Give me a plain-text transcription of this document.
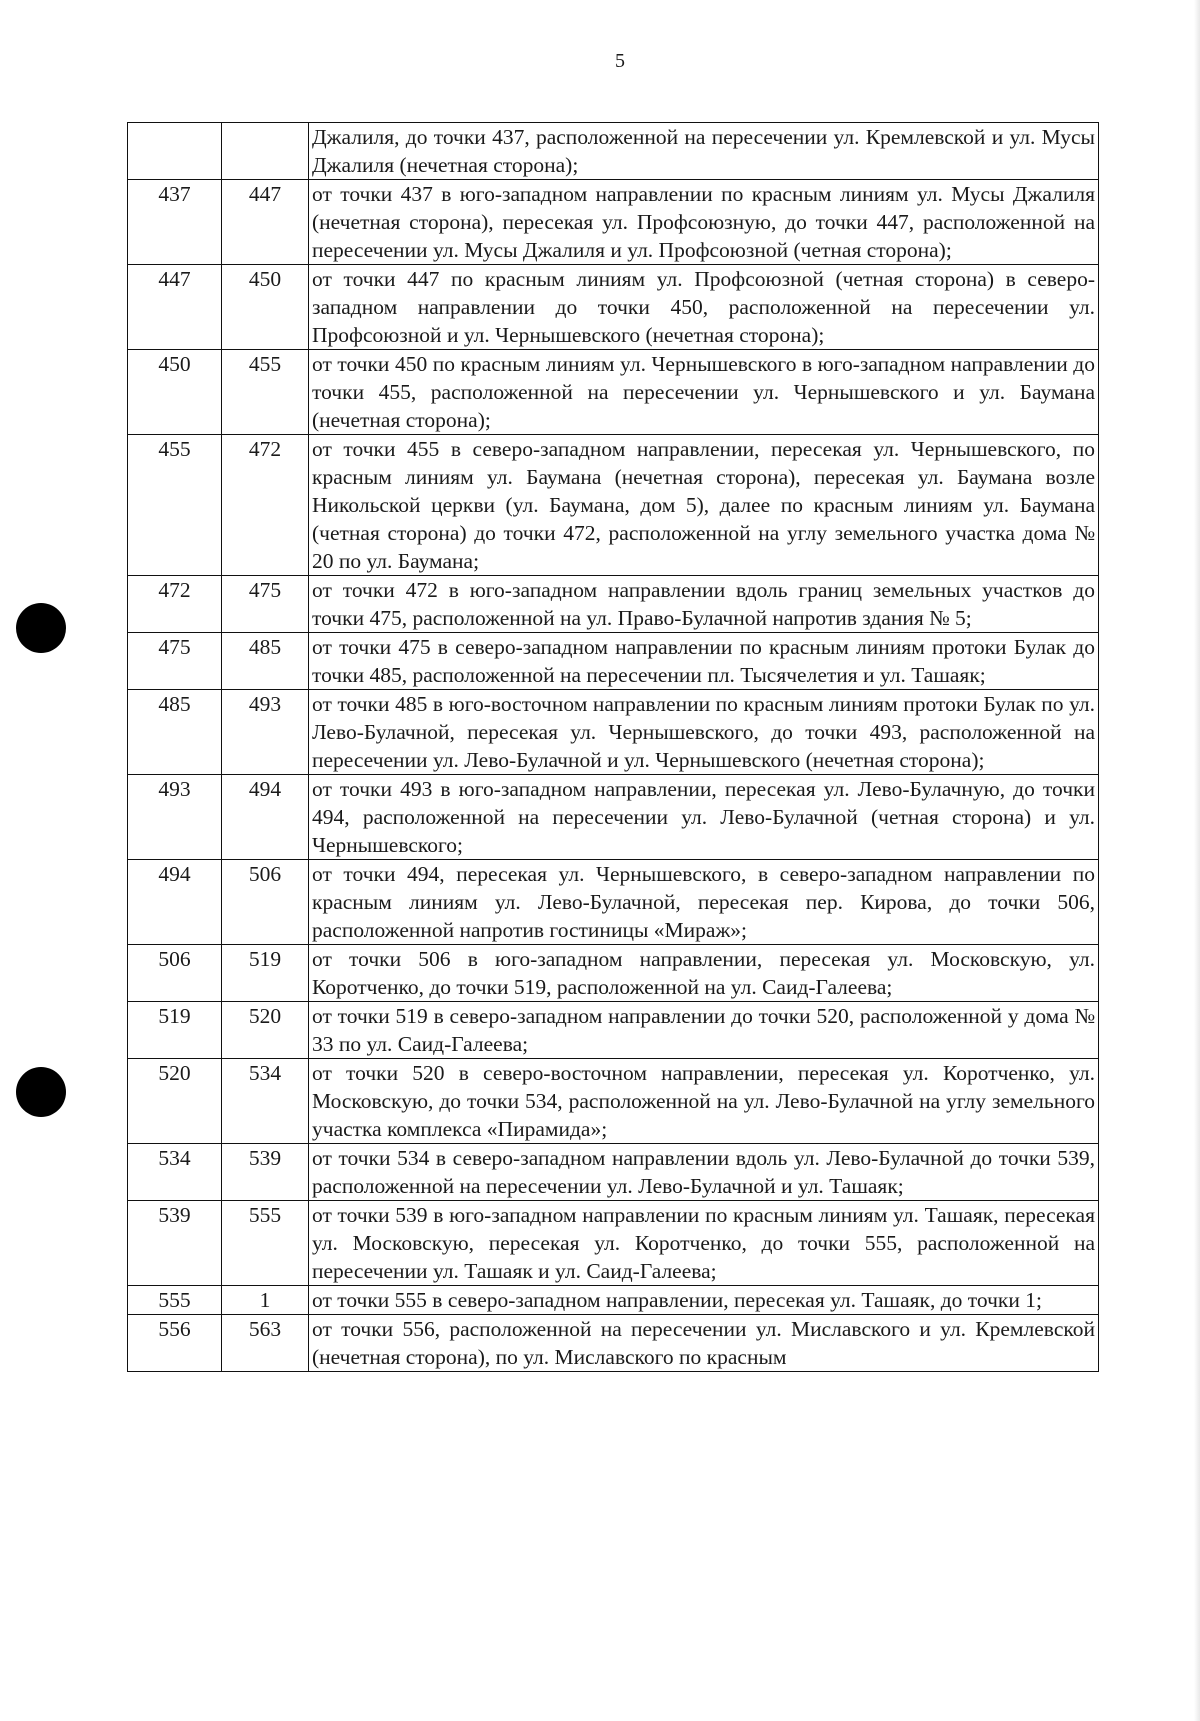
5
		Джалиля, до точки 437, расположенной на пересечении ул. Кремлевской и ул. Мусы Джалиля (нечетная сторона);
437	447	от точки 437 в юго-западном направлении по красным линиям ул. Мусы Джалиля (нечетная сторона), пересекая ул. Профсоюзную, до точки 447, расположенной на пересечении ул. Мусы Джалиля и ул. Профсоюзной (четная сторона);
447	450	от точки 447 по красным линиям ул. Профсоюзной (четная сторона) в северо-западном направлении до точки 450, расположенной на пересечении ул. Профсоюзной и ул. Чернышевского (нечетная сторона);
450	455	от точки 450 по красным линиям ул. Чернышевского в юго-западном направлении до точки 455, расположенной на пересечении ул. Чернышевского и ул. Баумана (нечетная сторона);
455	472	от точки 455 в северо-западном направлении, пересекая ул. Чернышевского, по красным линиям ул. Баумана (нечетная сторона), пересекая ул. Баумана возле Никольской церкви (ул. Баумана, дом 5), далее по красным линиям ул. Баумана (четная сторона) до точки 472, расположенной на углу земельного участка дома № 20 по ул. Баумана;
472	475	от точки 472 в юго-западном направлении вдоль границ земельных участков до точки 475, расположенной на ул. Право-Булачной напротив здания № 5;
475	485	от точки 475 в северо-западном направлении по красным линиям протоки Булак до точки 485, расположенной на пересечении пл. Тысячелетия и ул. Ташаяк;
485	493	от точки 485 в юго-восточном направлении по красным линиям протоки Булак по ул. Лево-Булачной, пересекая ул. Чернышевского, до точки 493, расположенной на пересечении ул. Лево-Булачной и ул. Чернышевского (нечетная сторона);
493	494	от точки 493 в юго-западном направлении, пересекая ул. Лево-Булачную, до точки 494, расположенной на пересечении ул. Лево-Булачной (четная сторона) и ул. Чернышевского;
494	506	от точки 494, пересекая ул. Чернышевского, в северо-западном направлении по красным линиям ул. Лево-Булачной, пересекая пер. Кирова, до точки 506, расположенной напротив гостиницы «Мираж»;
506	519	от точки 506 в юго-западном направлении, пересекая ул. Московскую, ул. Коротченко, до точки 519, расположенной на ул. Саид-Галеева;
519	520	от точки 519 в северо-западном направлении до точки 520, расположенной у дома № 33 по ул. Саид-Галеева;
520	534	от точки 520 в северо-восточном направлении, пересекая ул. Коротченко, ул. Московскую, до точки 534, расположенной на ул. Лево-Булачной на углу земельного участка комплекса «Пирамида»;
534	539	от точки 534 в северо-западном направлении вдоль ул. Лево-Булачной до точки 539, расположенной на пересечении ул. Лево-Булачной и ул. Ташаяк;
539	555	от точки 539 в юго-западном направлении по красным линиям ул. Ташаяк, пересекая ул. Московскую, пересекая ул. Коротченко, до точки 555, расположенной на пересечении ул. Ташаяк и ул. Саид-Галеева;
555	1	от точки 555 в северо-западном направлении, пересекая ул. Ташаяк, до точки 1;
556	563	от точки 556, расположенной на пересечении ул. Миславского и ул. Кремлевской (нечетная сторона), по ул. Миславского по красным
